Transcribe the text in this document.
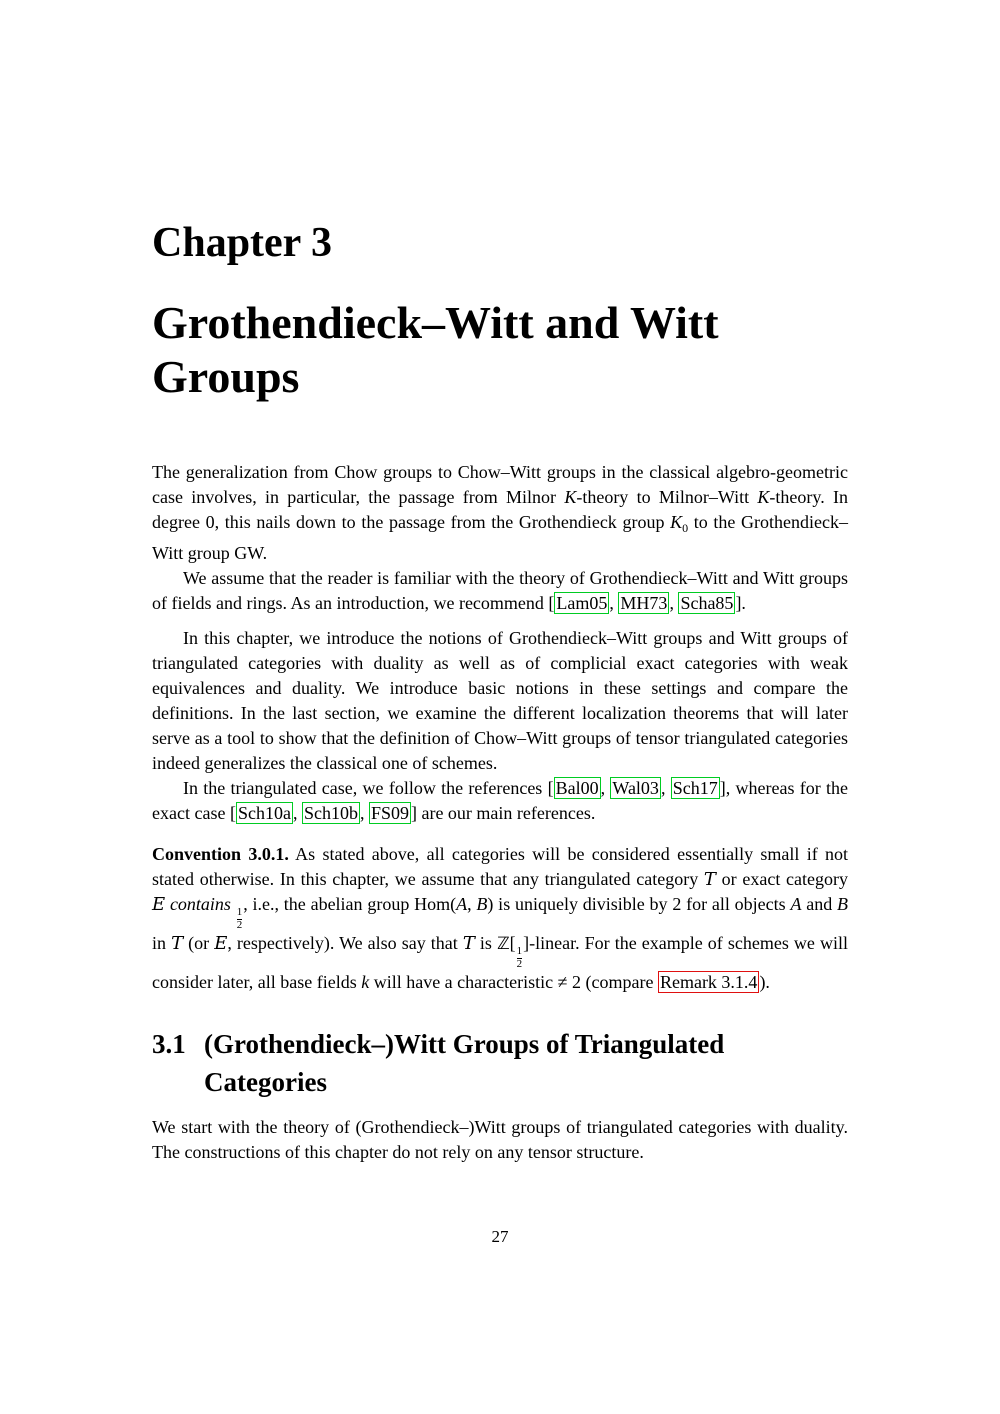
Chapter 3
Grothendieck–Witt and Witt
Groups

The generalization from Chow groups to Chow–Witt groups in the classical algebro-geometric case involves, in particular, the passage from Milnor K-theory to Milnor–Witt K-theory. In degree 0, this nails down to the passage from the Grothendieck group $K_0$ to the Grothendieck–Witt group GW.

We assume that the reader is familiar with the theory of Grothendieck–Witt and Witt groups of fields and rings. As an introduction, we recommend [ Lam05 , MH73 , Scha85 ].

In this chapter, we introduce the notions of Grothendieck–Witt groups and Witt groups of triangulated categories with duality as well as of complicial exact categories with weak equivalences and duality. We introduce basic notions in these settings and compare the definitions. In the last section, we examine the different localization theorems that will later serve as a tool to show that the definition of Chow–Witt groups of tensor triangulated categories indeed generalizes the classical one of schemes.

In the triangulated case, we follow the references [ Bal00 , Wal03 , Sch17 ], whereas for the exact case [ Sch10a , Sch10b , FS09 ] are our main references.

Convention 3.0.1. As stated above, all categories will be considered essentially small if not stated otherwise. In this chapter, we assume that any triangulated category T or exact category E contains
$\frac{1}{2}$
, i.e., the abelian group Hom(A, B) is uniquely divisible by 2 for all objects A and B in T (or E, respectively). We also say that T is ℤ[
$\frac{1}{2}$
]-linear. For the example of schemes we will consider later, all base fields k will have a characteristic ≠ 2 (compare Remark 3.1.4 ).

3.1 (Grothendieck–)Witt Groups of Triangulated
Categories

We start with the theory of (Grothendieck–)Witt groups of triangulated categories with duality. The constructions of this chapter do not rely on any tensor structure.

27
